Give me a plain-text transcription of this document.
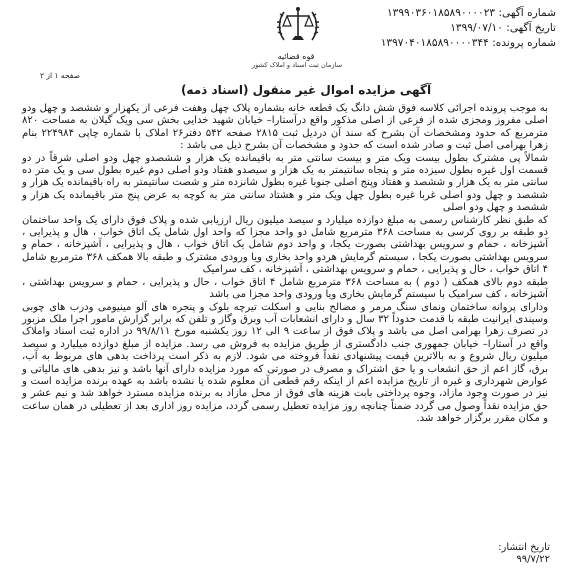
شماره آگهی: ۱۳۹۹۰۳۶۰۱۸۵۸۹۰۰۰۰۲۳
تاریخ آگهی: ۱۳۹۹/۰۷/۱۰
شماره پرونده: ۱۳۹۷۰۴۰۱۸۵۸۹۰۰۰۰۳۴۴
قوه قضائیه
سازمان ثبت اسناد و املاک کشور
صفحه ۱ از ۲
آگهی مزایده اموال غیر منقول (اسناد ذمه)

به موجب پرونده اجرائی کلاسه فوق شش دانگ یک قطعه خانه بشماره پلاک چهل وهفت فرعی از یکهزار و ششصد و چهل ودو اصلی مفروز ومجزی شده از فرعی از اصلی مذکور واقع درآستارا– خیابان شهید خدایی بخش سی ویک گیلان به مساحت ۸۲۰ مترمربع که حدود ومشخصات آن بشرح که سند آن دردیل ثبت ۲۸۱۵ صفحه ۵۴۲ دفتر۲۶ املاک با شماره چاپی ۲۲۴۹۸۴ بنام زهرا بهرامی اصل ثبت و صادر شده است که حدود و مشخصات آن بشرح ذیل می باشد :

شمالاً پی مشترک بطول بیست ویک متر و بیست سانتی متر به باقیمانده یک هزار و ششصدو چهل ودو اصلی شرقاً در دو قسمت اول غیره بطول سیزده متر و پنجاه سانتیمتر به یک هزار و سیصدو هفتاد ودو اصلی دوم غیره بطول سی و یک متر ده سانتی متر به یک هزار و ششصد و هفتاد وپنج اصلی جنوبا غیره بطول شانزده متر و شصت سانتیمتر به راه باقیمانده یک هزار و ششصد و چهل ودو اصلی غربا غیره بطول چهل ویک متر و هشتاد سانتی متر به کوچه به عرض پنج متر باقیمانده یک هزار و ششصد و چهل ودو اصلی

که طبق نظر کارشناس رسمی به مبلغ دوازده میلیارد و سیصد میلیون ریال ارزیابی شده و پلاک فوق دارای یک واحد ساختمان دو طبقه بر روی کرسی به مساحت ۳۶۸ مترمربع شامل دو واحد مجزا که واحد اول شامل یک اتاق خواب ، هال و پذیرایی ، آشپزخانه ، حمام و سرویس بهداشتی بصورت یکجا، و واحد دوم شامل یک اتاق خواب ، هال و پذیرایی ، آشپزخانه ، حمام و سرویس بهداشتی بصورت یکجا ، سیستم گرمایش هردو واحد بخاری ویا ورودی مشترک و طبقه بالا همکف ۳۶۸ مترمربع شامل ۴ اتاق خواب ، حال و پذیرایی ، حمام و سرویس بهداشتی ، آشپزخانه ، کف سرامیک

طبقه دوم بالای همکف ( دوم ) به مساحت ۳۶۸ مترمربع شامل ۴ اتاق خواب ، حال و پذیرایی ، حمام و سرویس بهداشتی ، آشپزخانه ، کف سرامیک با سیستم گرمایش بخاری ویا ورودی واحد مجزا می باشد

ودارای پروانه ساختمان ونمای سنگ مرمر و مصالح بنایی و اسکلت تیرچه بلوک و پنجره های آلو مینیومی ودرب های چوبی وسیندی ایرانیت طبقه با قدمت حدوداً ۳۲ سال و دارای انشعابات آب وبرق وگاز و تلفن که برابر گزارش مامور اجرا ملک مزبور در تصرف زهرا بهرامی اصل می باشد و پلاک فوق از ساعت ۹ الی ۱۲ روز یکشنبه مورخ ۹۹/۸/۱۱ در اداره ثبت اسناد واملاک واقع در آستارا– خیابان جمهوری جنب دادگستری از طریق مزایده به فروش می رسد. مزایده از مبلغ دوازده میلیارد و سیصد میلیون ریال شروع و به بالاترین قیمت پیشنهادی نقداً فروخته می شود. لازم به ذکر است پرداخت بدهی های مربوط به آب، برق، گاز اعم از حق انشعاب و یا حق اشتراک و مصرف در صورتی که مورد مزایده دارای آنها باشد و نیز بدهی های مالیاتی و عوارض شهرداری و غیره از تاریخ مزایده اعم از اینکه رقم قطعی آن معلوم شده یا نشده باشد به عهده برنده مزایده است و نیز در صورت وجود مازاد، وجوه پرداختی بابت هزینه های فوق از محل مازاد به برنده مزایده مسترد خواهد شد و نیم عشر و حق مزایده نقداً وصول می گردد ضمناً چنانچه روز مزایده تعطیل رسمی گردد، مزایده روز اداری بعد از تعطیلی در همان ساعت و مکان مقرر برگزار خواهد شد.

تاریخ انتشار:
۹۹/۷/۲۲
